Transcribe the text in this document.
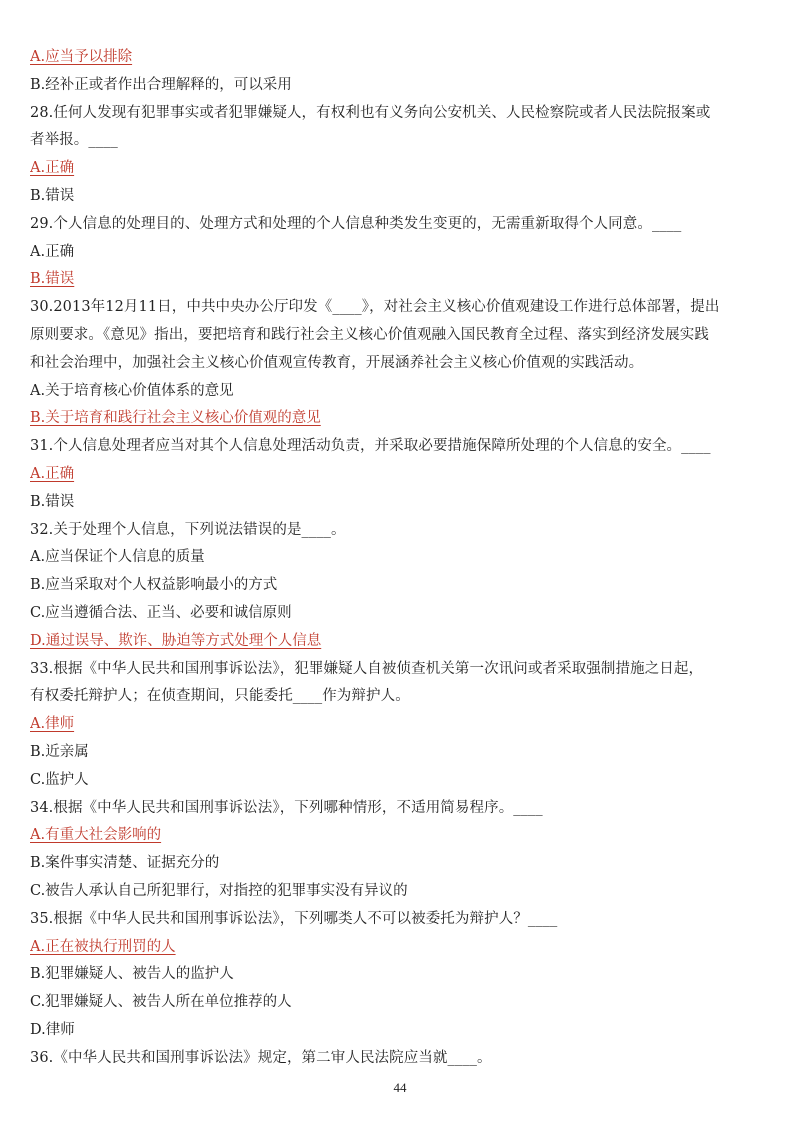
A.应当予以排除
B.经补正或者作出合理解释的，可以采用
28.任何人发现有犯罪事实或者犯罪嫌疑人，有权利也有义务向公安机关、人民检察院或者人民法院报案或
者举报。____
A.正确
B.错误
29.个人信息的处理目的、处理方式和处理的个人信息种类发生变更的，无需重新取得个人同意。____
A.正确
B.错误
30.2013年12月11日，中共中央办公厅印发《____》，对社会主义核心价值观建设工作进行总体部署，提出
原则要求。《意见》指出，要把培育和践行社会主义核心价值观融入国民教育全过程、落实到经济发展实践
和社会治理中，加强社会主义核心价值观宣传教育，开展涵养社会主义核心价值观的实践活动。
A.关于培育核心价值体系的意见
B.关于培育和践行社会主义核心价值观的意见
31.个人信息处理者应当对其个人信息处理活动负责，并采取必要措施保障所处理的个人信息的安全。____
A.正确
B.错误
32.关于处理个人信息，下列说法错误的是____。
A.应当保证个人信息的质量
B.应当采取对个人权益影响最小的方式
C.应当遵循合法、正当、必要和诚信原则
D.通过误导、欺诈、胁迫等方式处理个人信息
33.根据《中华人民共和国刑事诉讼法》，犯罪嫌疑人自被侦查机关第一次讯问或者采取强制措施之日起，
有权委托辩护人；在侦查期间，只能委托____作为辩护人。
A.律师
B.近亲属
C.监护人
34.根据《中华人民共和国刑事诉讼法》，下列哪种情形，不适用简易程序。____
A.有重大社会影响的
B.案件事实清楚、证据充分的
C.被告人承认自己所犯罪行，对指控的犯罪事实没有异议的
35.根据《中华人民共和国刑事诉讼法》，下列哪类人不可以被委托为辩护人？____
A.正在被执行刑罚的人
B.犯罪嫌疑人、被告人的监护人
C.犯罪嫌疑人、被告人所在单位推荐的人
D.律师
36.《中华人民共和国刑事诉讼法》规定，第二审人民法院应当就____。
44
